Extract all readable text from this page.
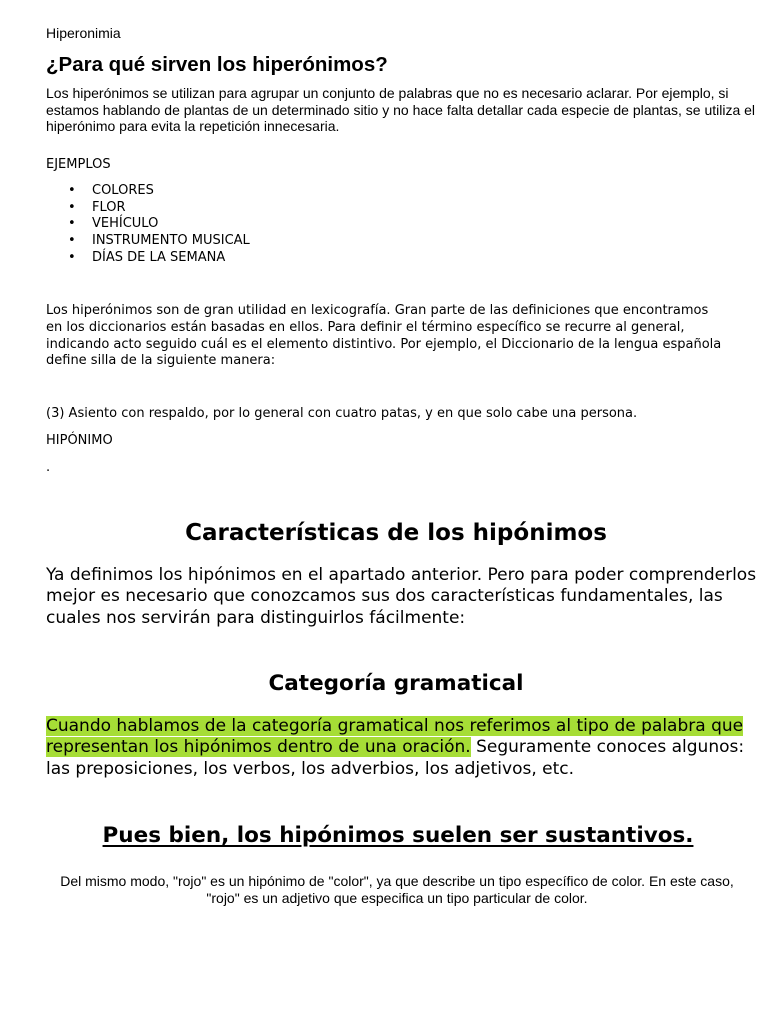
Hiperonimia

¿Para qué sirven los hiperónimos?

Los hiperónimos se utilizan para agrupar un conjunto de palabras que no es necesario aclarar. Por ejemplo, si estamos hablando de plantas de un determinado sitio y no hace falta detallar cada especie de plantas, se utiliza el hiperónimo para evita la repetición innecesaria.

EJEMPLOS

• COLORES
• FLOR
• VEHÍCULO
• INSTRUMENTO MUSICAL
• DÍAS DE LA SEMANA

Los hiperónimos son de gran utilidad en lexicografía. Gran parte de las definiciones que encontramos en los diccionarios están basadas en ellos. Para definir el término específico se recurre al general, indicando acto seguido cuál es el elemento distintivo. Por ejemplo, el Diccionario de la lengua española define silla de la siguiente manera:

(3) Asiento con respaldo, por lo general con cuatro patas, y en que solo cabe una persona.

HIPÓNIMO

.

Características de los hipónimos

Ya definimos los hipónimos en el apartado anterior. Pero para poder comprenderlos mejor es necesario que conozcamos sus dos características fundamentales, las cuales nos servirán para distinguirlos fácilmente:

Categoría gramatical

Cuando hablamos de la categoría gramatical nos referimos al tipo de palabra que representan los hipónimos dentro de una oración. Seguramente conoces algunos: las preposiciones, los verbos, los adverbios, los adjetivos, etc.

Pues bien, los hipónimos suelen ser sustantivos.

Del mismo modo, "rojo" es un hipónimo de "color", ya que describe un tipo específico de color. En este caso, "rojo" es un adjetivo que especifica un tipo particular de color.
